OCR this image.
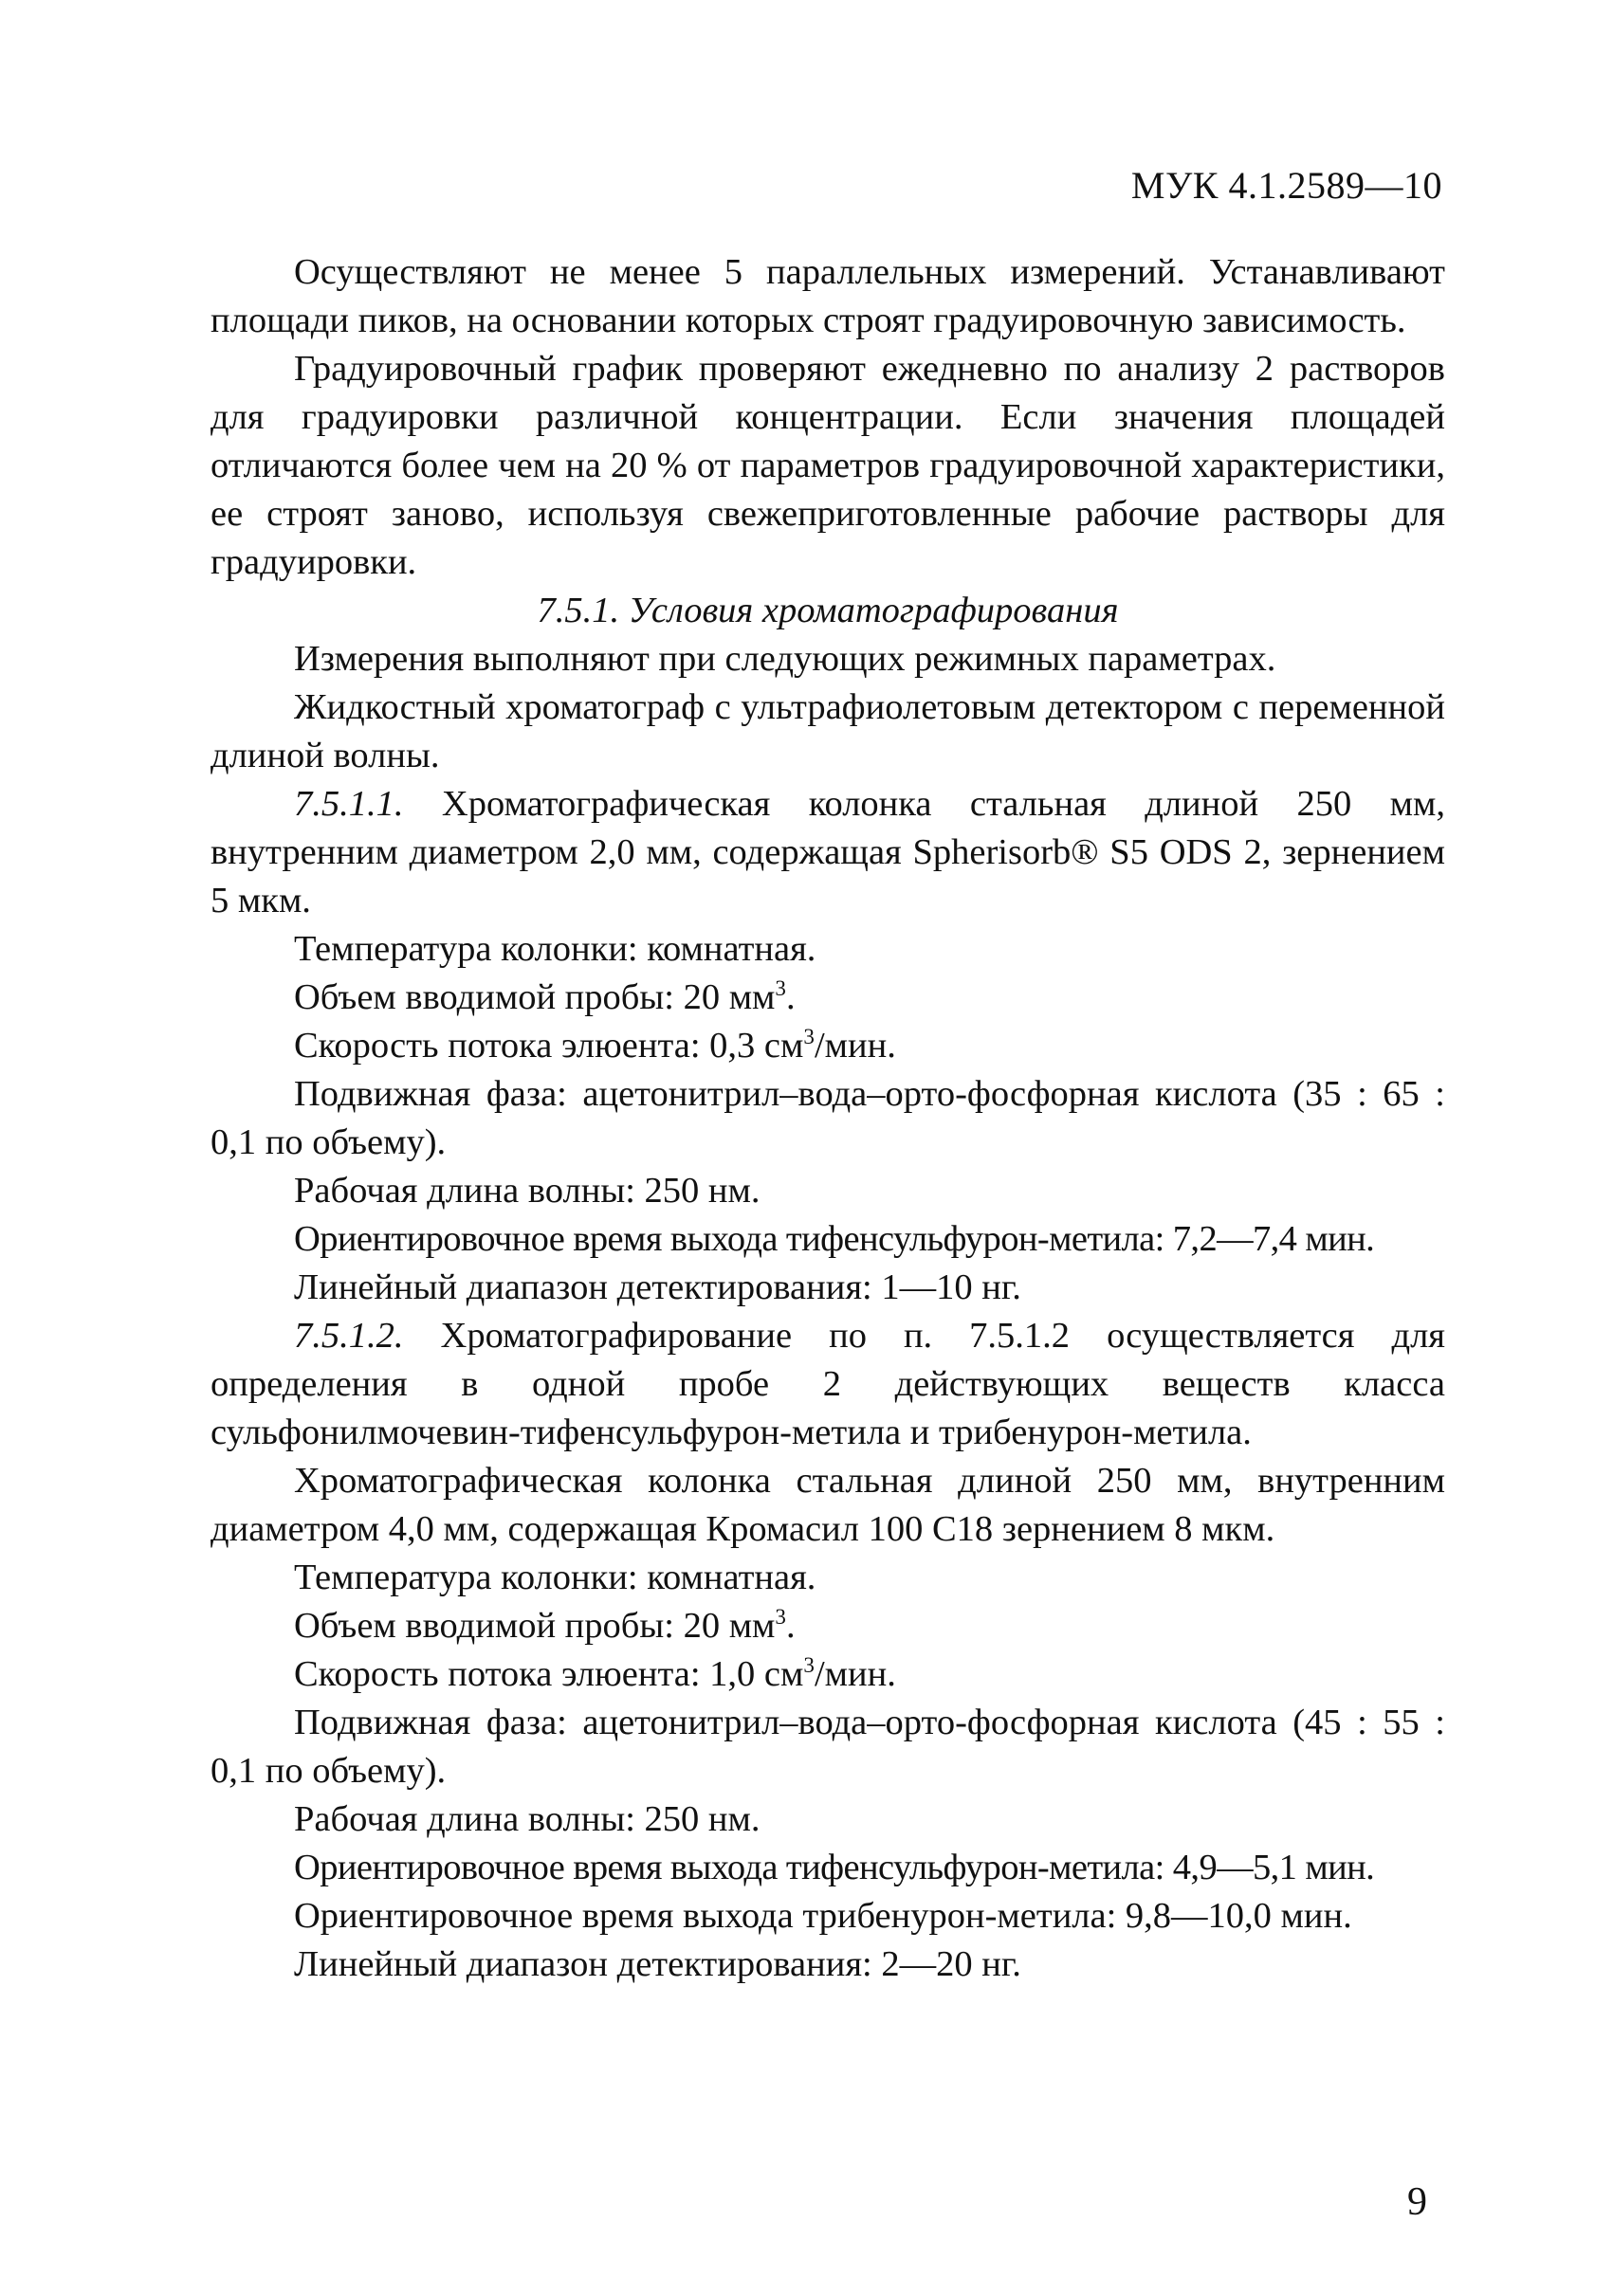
МУК 4.1.2589—10

Осуществляют не менее 5 параллельных измерений. Устанавливают площади пиков, на основании которых строят градуировочную зависимость.

Градуировочный график проверяют ежедневно по анализу 2 растворов для градуировки различной концентрации. Если значения площадей отличаются более чем на 20 % от параметров градуировочной характеристики, ее строят заново, используя свежеприготовленные рабочие растворы для градуировки.

7.5.1. Условия хроматографирования

Измерения выполняют при следующих режимных параметрах.

Жидкостный хроматограф с ультрафиолетовым детектором с переменной длиной волны.

7.5.1.1. Хроматографическая колонка стальная длиной 250 мм, внутренним диаметром 2,0 мм, содержащая Spherisorb® S5 ODS 2, зернением 5 мкм.

Температура колонки: комнатная.

Объем вводимой пробы: 20 $мм^3$.

Скорость потока элюента: 0,3 $см^3$/мин.

Подвижная фаза: ацетонитрил–вода–орто-фосфорная кислота (35 : 65 : 0,1 по объему).

Рабочая длина волны: 250 нм.

Ориентировочное время выхода тифенсульфурон-метила: 7,2—7,4 мин.

Линейный диапазон детектирования: 1—10 нг.

7.5.1.2. Хроматографирование по п. 7.5.1.2 осуществляется для определения в одной пробе 2 действующих веществ класса сульфонилмочевин-тифенсульфурон-метила и трибенурон-метила.

Хроматографическая колонка стальная длиной 250 мм, внутренним диаметром 4,0 мм, содержащая Кромасил 100 С18 зернением 8 мкм.

Температура колонки: комнатная.

Объем вводимой пробы: 20 $мм^3$.

Скорость потока элюента: 1,0 $см^3$/мин.

Подвижная фаза: ацетонитрил–вода–орто-фосфорная кислота (45 : 55 : 0,1 по объему).

Рабочая длина волны: 250 нм.

Ориентировочное время выхода тифенсульфурон-метила: 4,9—5,1 мин.

Ориентировочное время выхода трибенурон-метила: 9,8—10,0 мин.

Линейный диапазон детектирования: 2—20 нг.

9
